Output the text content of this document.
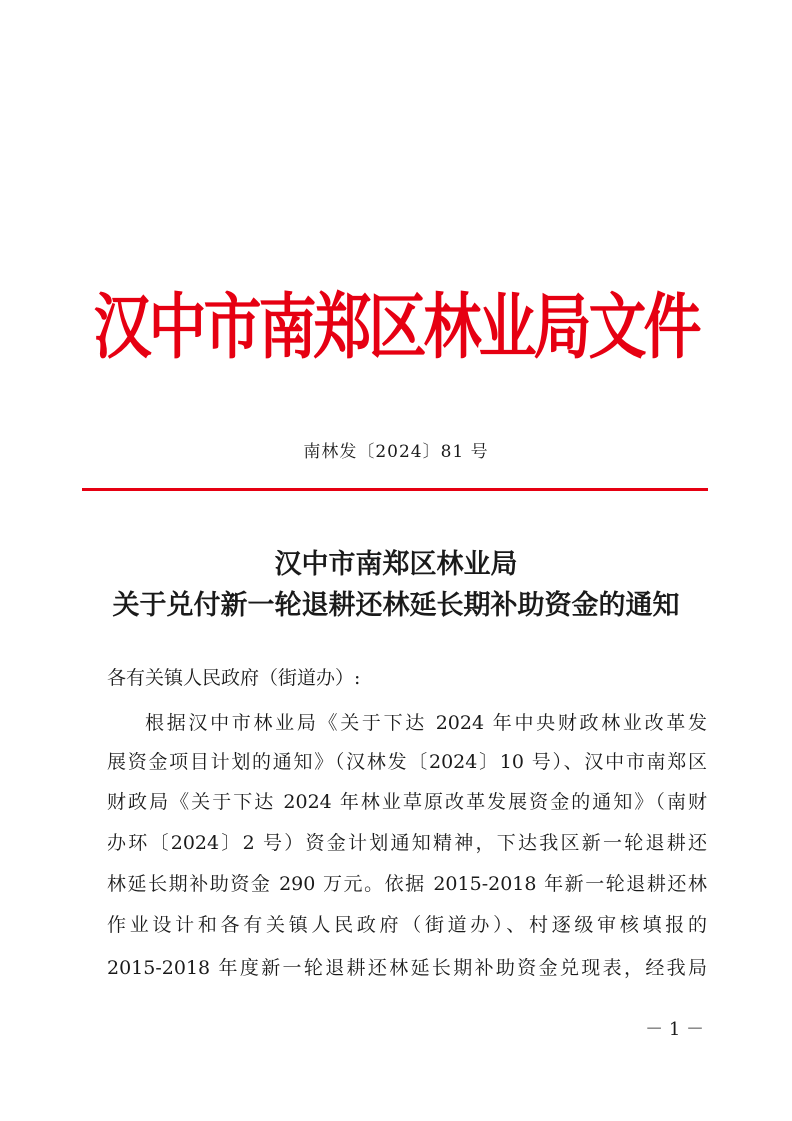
汉中市南郑区林业局文件
南林发〔2024〕81 号
汉中市南郑区林业局
关于兑付新一轮退耕还林延长期补助资金的通知
各有关镇人民政府（街道办）:
根据汉中市林业局《关于下达 2024 年中央财政林业改革发
展资金项目计划的通知》（汉林发〔2024〕10 号）、汉中市南郑区
财政局《关于下达 2024 年林业草原改革发展资金的通知》（南财
办环〔2024〕2 号）资金计划通知精神，下达我区新一轮退耕还
林延长期补助资金 290 万元。依据 2015-2018 年新一轮退耕还林
作业设计和各有关镇人民政府（街道办）、村逐级审核填报的
2015-2018 年度新一轮退耕还林延长期补助资金兑现表，经我局
－ 1 －
